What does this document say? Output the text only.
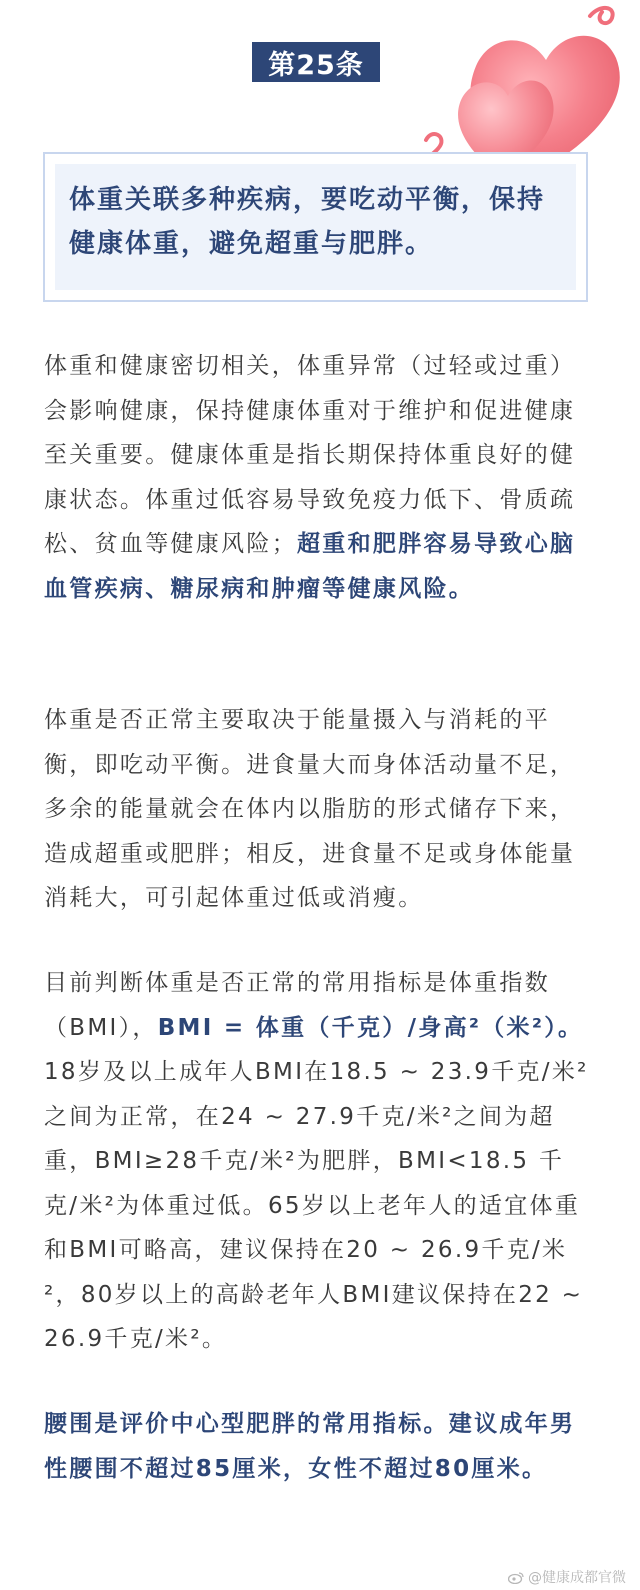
第25条
体重关联多种疾病，要吃动平衡，保持健康体重，避免超重与肥胖。

体重和健康密切相关，体重异常（过轻或过重）会影响健康，保持健康体重对于维护和促进健康至关重要。健康体重是指长期保持体重良好的健康状态。体重过低容易导致免疫力低下、骨质疏松、贫血等健康风险；超重和肥胖容易导致心脑血管疾病、糖尿病和肿瘤等健康风险。

体重是否正常主要取决于能量摄入与消耗的平衡，即吃动平衡。进食量大而身体活动量不足，多余的能量就会在体内以脂肪的形式储存下来，造成超重或肥胖；相反，进食量不足或身体能量消耗大，可引起体重过低或消瘦。

目前判断体重是否正常的常用指标是体重指数（BMI），BMI = 体重（千克）/身高²（米²）。18岁及以上成年人BMI在18.5 ~ 23.9千克/米²之间为正常，在24 ~ 27.9千克/米²之间为超重，BMI≥28千克/米²为肥胖，BMI<18.5 千克/米²为体重过低。65岁以上老年人的适宜体重和BMI可略高，建议保持在20 ~ 26.9千克/米²，80岁以上的高龄老年人BMI建议保持在22 ~ 26.9千克/米²。

腰围是评价中心型肥胖的常用指标。建议成年男性腰围不超过85厘米，女性不超过80厘米。

@健康成都官微
